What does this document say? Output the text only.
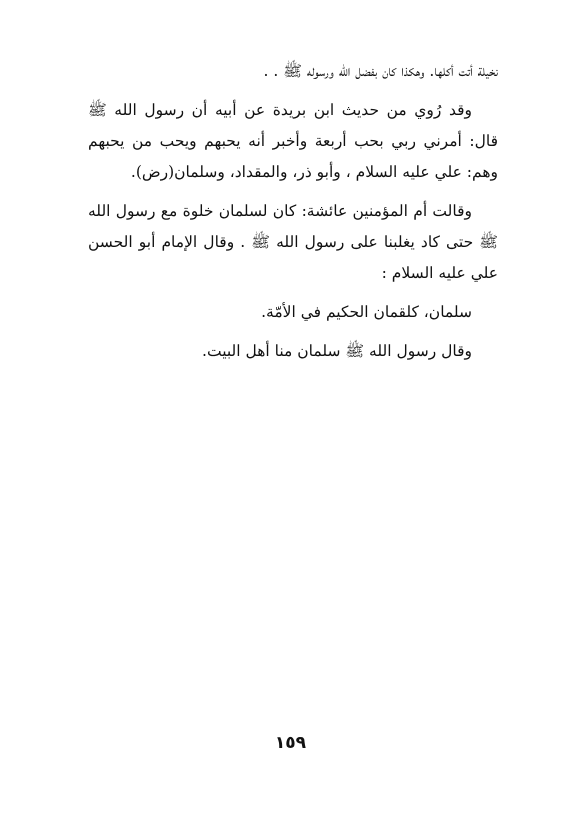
نخيلة أتت أكلها. وهكذا كان بفضل الله ورسوله ﷺ . .

وقد رُوي من حديث ابن بريدة عن أبيه أن رسول الله ﷺ قال: أمرني ربي بحب أربعة وأخبر أنه يحبهم ويحب من يحبهم وهم: علي عليه السلام ، وأبو ذر، والمقداد، وسلمان(رض).

وقالت أم المؤمنين عائشة: كان لسلمان خلوة مع رسول الله ﷺ حتى كاد يغلبنا على رسول الله ﷺ . وقال الإمام أبو الحسن علي عليه السلام :

سلمان، كلقمان الحكيم في الأمّة.

وقال رسول الله ﷺ سلمان منا أهل البيت.

١٥٩
